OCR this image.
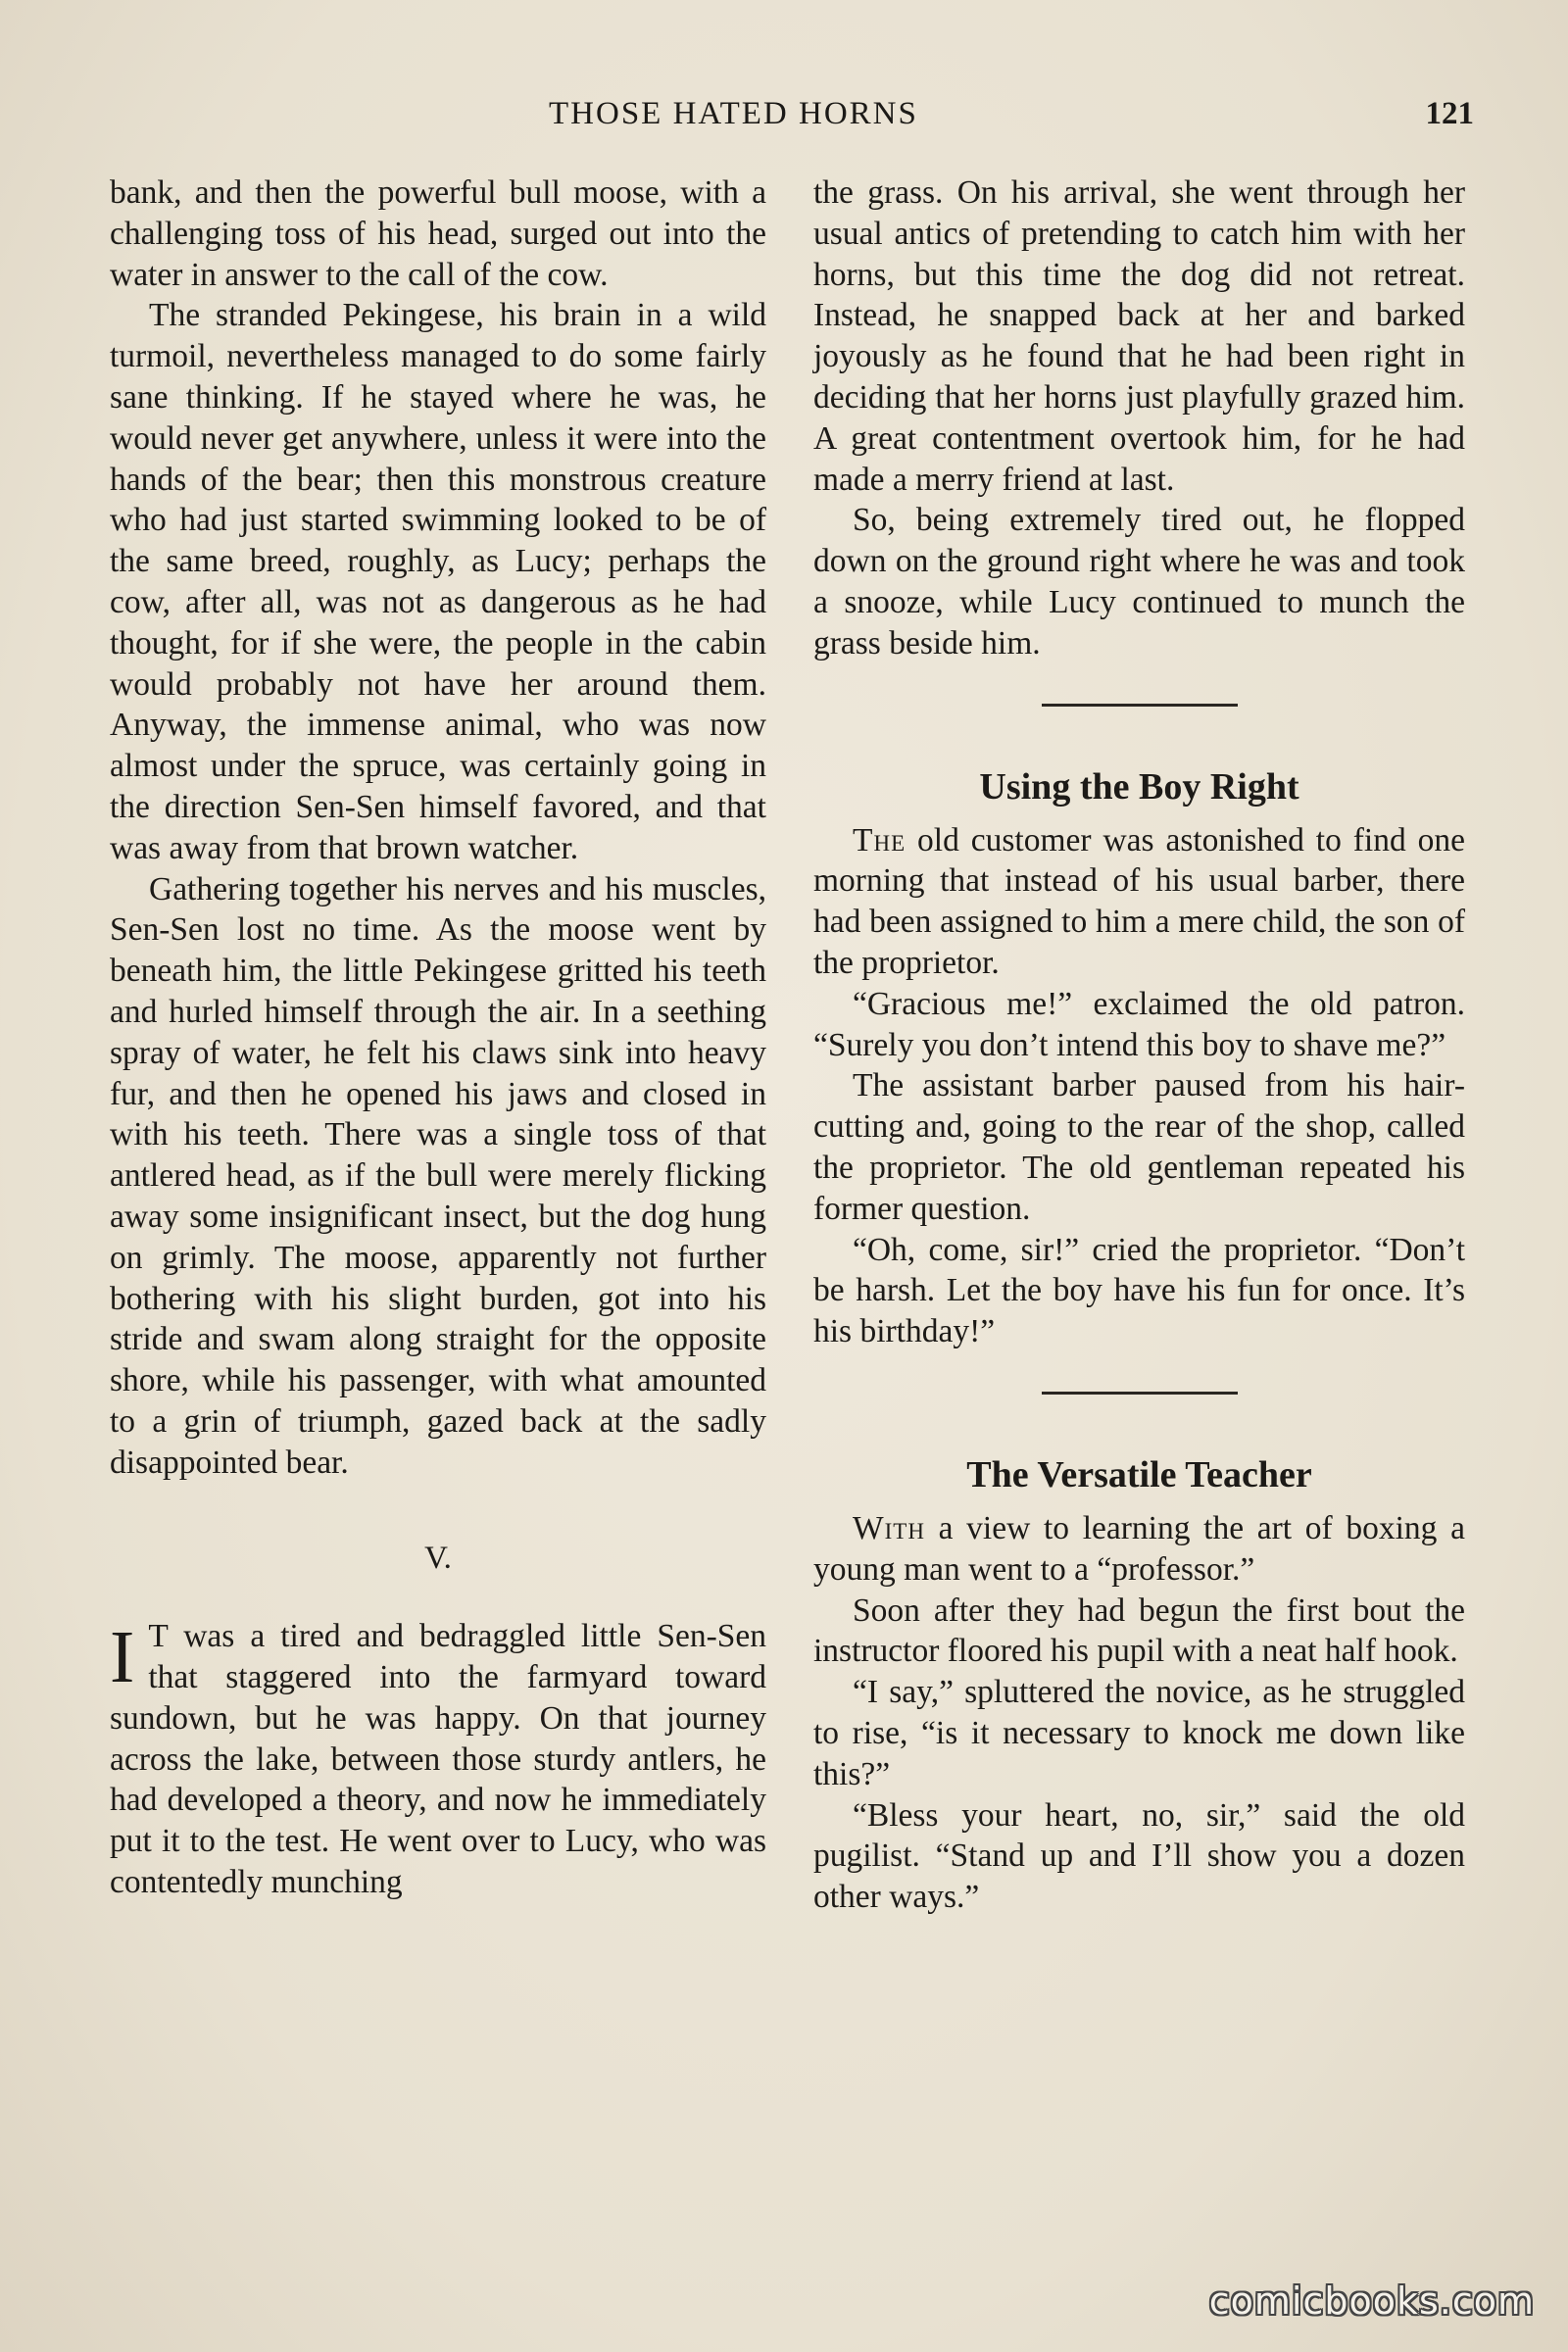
THOSE HATED HORNS	121

bank, and then the powerful bull moose, with a challenging toss of his head, surged out into the water in answer to the call of the cow.

The stranded Pekingese, his brain in a wild turmoil, nevertheless managed to do some fairly sane thinking. If he stayed where he was, he would never get anywhere, unless it were into the hands of the bear; then this monstrous creature who had just started swimming looked to be of the same breed, roughly, as Lucy; perhaps the cow, after all, was not as dangerous as he had thought, for if she were, the people in the cabin would probably not have her around them. Anyway, the immense animal, who was now almost under the spruce, was certainly going in the direction Sen-Sen himself favored, and that was away from that brown watcher.

Gathering together his nerves and his muscles, Sen-Sen lost no time. As the moose went by beneath him, the little Pekingese gritted his teeth and hurled himself through the air. In a seething spray of water, he felt his claws sink into heavy fur, and then he opened his jaws and closed in with his teeth. There was a single toss of that antlered head, as if the bull were merely flicking away some insignificant insect, but the dog hung on grimly. The moose, apparently not further bothering with his slight burden, got into his stride and swam along straight for the opposite shore, while his passenger, with what amounted to a grin of triumph, gazed back at the sadly disappointed bear.

V.

I T was a tired and bedraggled little Sen-Sen that staggered into the farmyard toward sundown, but he was happy. On that journey across the lake, between those sturdy antlers, he had developed a theory, and now he immediately put it to the test. He went over to Lucy, who was contentedly munching

the grass. On his arrival, she went through her usual antics of pretending to catch him with her horns, but this time the dog did not retreat. Instead, he snapped back at her and barked joyously as he found that he had been right in deciding that her horns just playfully grazed him. A great contentment overtook him, for he had made a merry friend at last.

So, being extremely tired out, he flopped down on the ground right where he was and took a snooze, while Lucy continued to munch the grass beside him.

Using the Boy Right

The old customer was astonished to find one morning that instead of his usual barber, there had been assigned to him a mere child, the son of the proprietor.

“Gracious me!” exclaimed the old patron. “Surely you don’t intend this boy to shave me?”

The assistant barber paused from his hair-cutting and, going to the rear of the shop, called the proprietor. The old gentleman repeated his former question.

“Oh, come, sir!” cried the proprietor. “Don’t be harsh. Let the boy have his fun for once. It’s his birthday!”

The Versatile Teacher

With a view to learning the art of boxing a young man went to a “professor.”

Soon after they had begun the first bout the instructor floored his pupil with a neat half hook.

“I say,” spluttered the novice, as he struggled to rise, “is it necessary to knock me down like this?”

“Bless your heart, no, sir,” said the old pugilist. “Stand up and I’ll show you a dozen other ways.”

comicbooks.com
